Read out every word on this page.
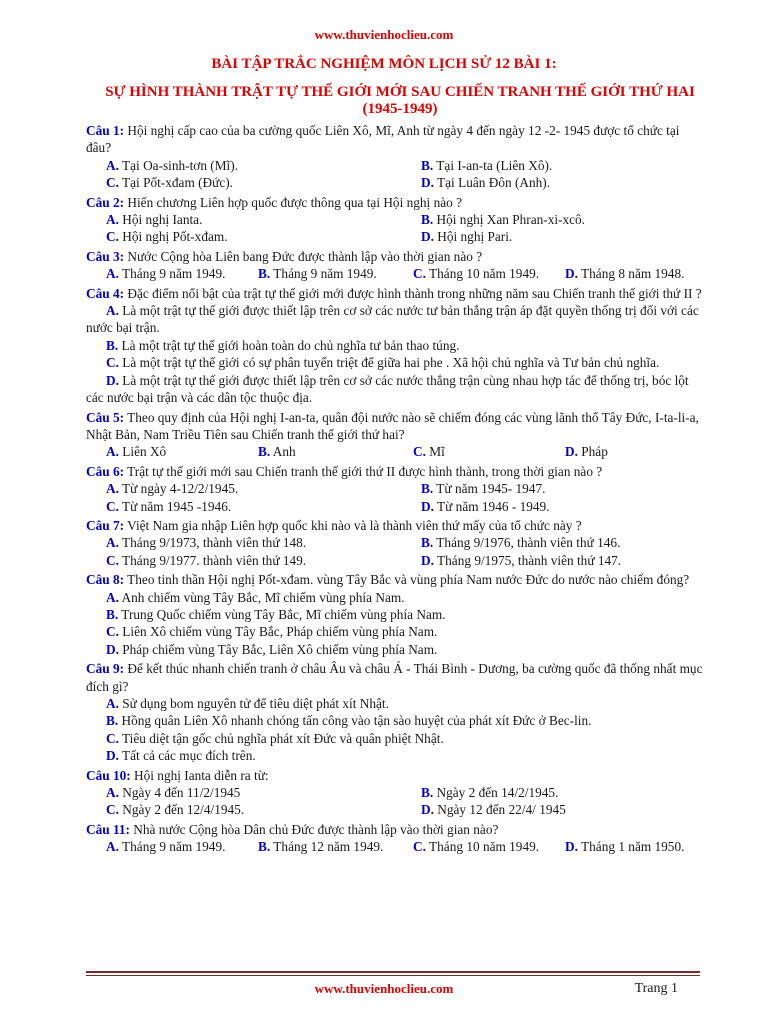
www.thuvienhoclieu.com
BÀI TẬP TRẮC NGHIỆM MÔN LỊCH SỬ 12 BÀI 1:
SỰ HÌNH THÀNH TRẬT TỰ THẾ GIỚI MỚI SAU CHIẾN TRANH THẾ GIỚI THỨ HAI
(1945-1949)
Câu 1: Hội nghị cấp cao của ba cường quốc Liên Xô, Mĩ, Anh từ ngày 4 đến ngày 12 -2- 1945 được tổ chức tại đâu?
A. Tại Oa-sinh-tơn (Mĩ).	B. Tại I-an-ta (Liên Xô).
C. Tại Pốt-xđam (Đức).	D. Tại Luân Đôn (Anh).
Câu 2: Hiến chương Liên hợp quốc được thông qua tại Hội nghị nào ?
A. Hội nghị Ianta.	B. Hội nghị Xan Phran-xi-xcô.
C. Hội nghị Pốt-xđam.	D. Hội nghị Pari.
Câu 3: Nước Cộng hòa Liên bang Đức được thành lập vào thời gian nào ?
A. Tháng 9 năm 1949.	B. Tháng 9 năm 1949.	C. Tháng 10 năm 1949.	D. Tháng 8 năm 1948.
Câu 4: Đặc điểm nổi bật của trật tự thế giới mới được hình thành trong những năm sau Chiến tranh thế giới thứ II ?
A. Là một trật tự thế giới được thiết lập trên cơ sở các nước tư bản thắng trận áp đặt quyền thống trị đối với các nước bại trận.
B. Là một trật tự thế giới hoàn toàn do chủ nghĩa tư bản thao túng.
C. Là một trật tự thế giới có sự phân tuyến triệt để giữa hai phe . Xã hội chủ nghĩa và Tư bản chủ nghĩa.
D. Là một trật tự thế giới được thiết lập trên cơ sở các nước thắng trận cùng nhau hợp tác để thống trị, bóc lột các nước bại trận và các dân tộc thuộc địa.
Câu 5: Theo quy định của Hội nghị I-an-ta, quân đội nước nào sẽ chiếm đóng các vùng lãnh thổ Tây Đức, I-ta-li-a, Nhật Bản, Nam Triều Tiên sau Chiến tranh thế giới thứ hai?
A. Liên Xô	B. Anh	C. Mĩ	D. Pháp
Câu 6: Trật tự thế giới mới sau Chiến tranh thế giới thứ II được hình thành, trong thời gian nào ?
A. Từ ngày 4-12/2/1945.	B. Từ năm 1945- 1947.
C. Từ năm 1945 -1946.	D. Từ năm 1946 - 1949.
Câu 7: Việt Nam gia nhập Liên hợp quốc khi nào và là thành viên thứ mấy của tổ chức này ?
A. Tháng 9/1973, thành viên thứ 148.	B. Tháng 9/1976, thành viên thứ 146.
C. Tháng 9/1977. thành viên thứ 149.	D. Tháng 9/1975, thành viên thứ 147.
Câu 8: Theo tinh thần Hội nghị Pốt-xđam. vùng Tây Bắc và vùng phía Nam nước Đức do nước nào chiếm đóng?
A. Anh chiếm vùng Tây Bắc, Mĩ chiếm vùng phía Nam.
B. Trung Quốc chiếm vùng Tây Bắc, Mĩ chiếm vùng phía Nam.
C. Liên Xô chiếm vùng Tây Bắc, Pháp chiếm vùng phía Nam.
D. Pháp chiếm vùng Tây Bắc, Liên Xô chiếm vùng phía Nam.
Câu 9: Để kết thúc nhanh chiến tranh ở châu Âu và châu Á - Thái Bình - Dương, ba cường quốc đã thống nhất mục đích gì?
A. Sử dụng bom nguyên tử để tiêu diệt phát xít Nhật.
B. Hồng quân Liên Xô nhanh chóng tấn công vào tận sào huyệt của phát xít Đức ở Bec-lin.
C. Tiêu diệt tận gốc chủ nghĩa phát xít Đức và quân phiệt Nhật.
D. Tất cả các mục đích trên.
Câu 10: Hội nghị Ianta diễn ra từ:
A. Ngày 4 đến 11/2/1945	B. Ngày 2 đến 14/2/1945.
C. Ngày 2 đến 12/4/1945.	D. Ngày 12 đến 22/4/ 1945
Câu 11: Nhà nước Cộng hòa Dân chủ Đức được thành lập vào thời gian nào?
A. Tháng 9 năm 1949.	B. Tháng 12 năm 1949.	C. Tháng 10 năm 1949.	D. Tháng 1 năm 1950.
www.thuvienhoclieu.com	Trang 1
